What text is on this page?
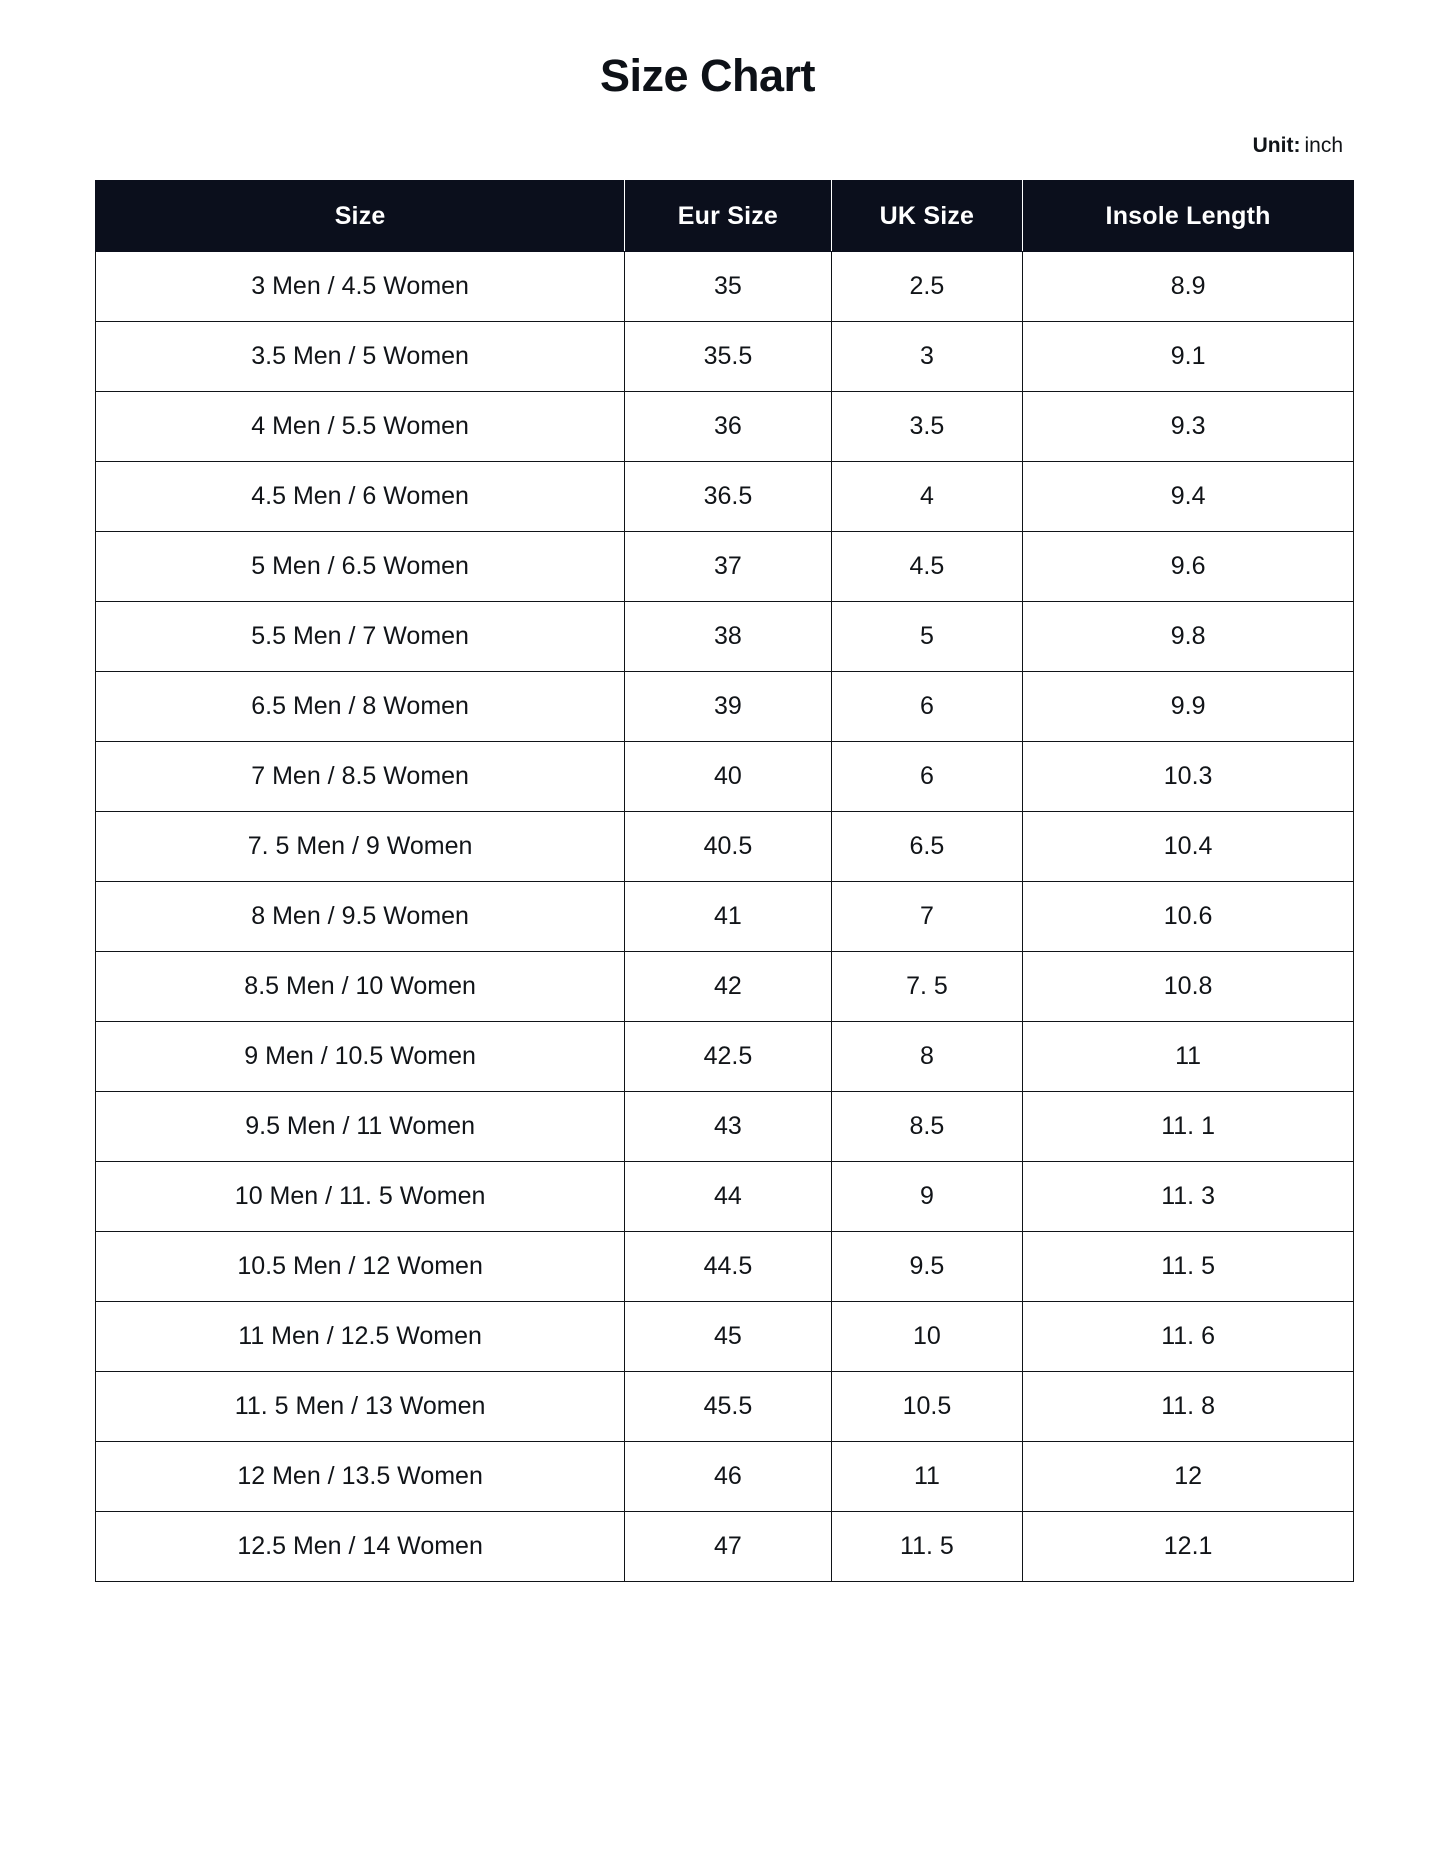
Size Chart
Unit: inch
Size	Eur Size	UK Size	Insole Length
3 Men / 4.5 Women	35	2.5	8.9
3.5 Men / 5 Women	35.5	3	9.1
4 Men / 5.5 Women	36	3.5	9.3
4.5 Men / 6 Women	36.5	4	9.4
5 Men / 6.5 Women	37	4.5	9.6
5.5 Men / 7 Women	38	5	9.8
6.5 Men / 8 Women	39	6	9.9
7 Men / 8.5 Women	40	6	10.3
7. 5 Men / 9 Women	40.5	6.5	10.4
8 Men / 9.5 Women	41	7	10.6
8.5 Men / 10 Women	42	7. 5	10.8
9 Men / 10.5 Women	42.5	8	11
9.5 Men / 11 Women	43	8.5	11. 1
10 Men / 11. 5 Women	44	9	11. 3
10.5 Men / 12 Women	44.5	9.5	11. 5
11 Men / 12.5 Women	45	10	11. 6
11. 5 Men / 13 Women	45.5	10.5	11. 8
12 Men / 13.5 Women	46	11	12
12.5 Men / 14 Women	47	11. 5	12.1
